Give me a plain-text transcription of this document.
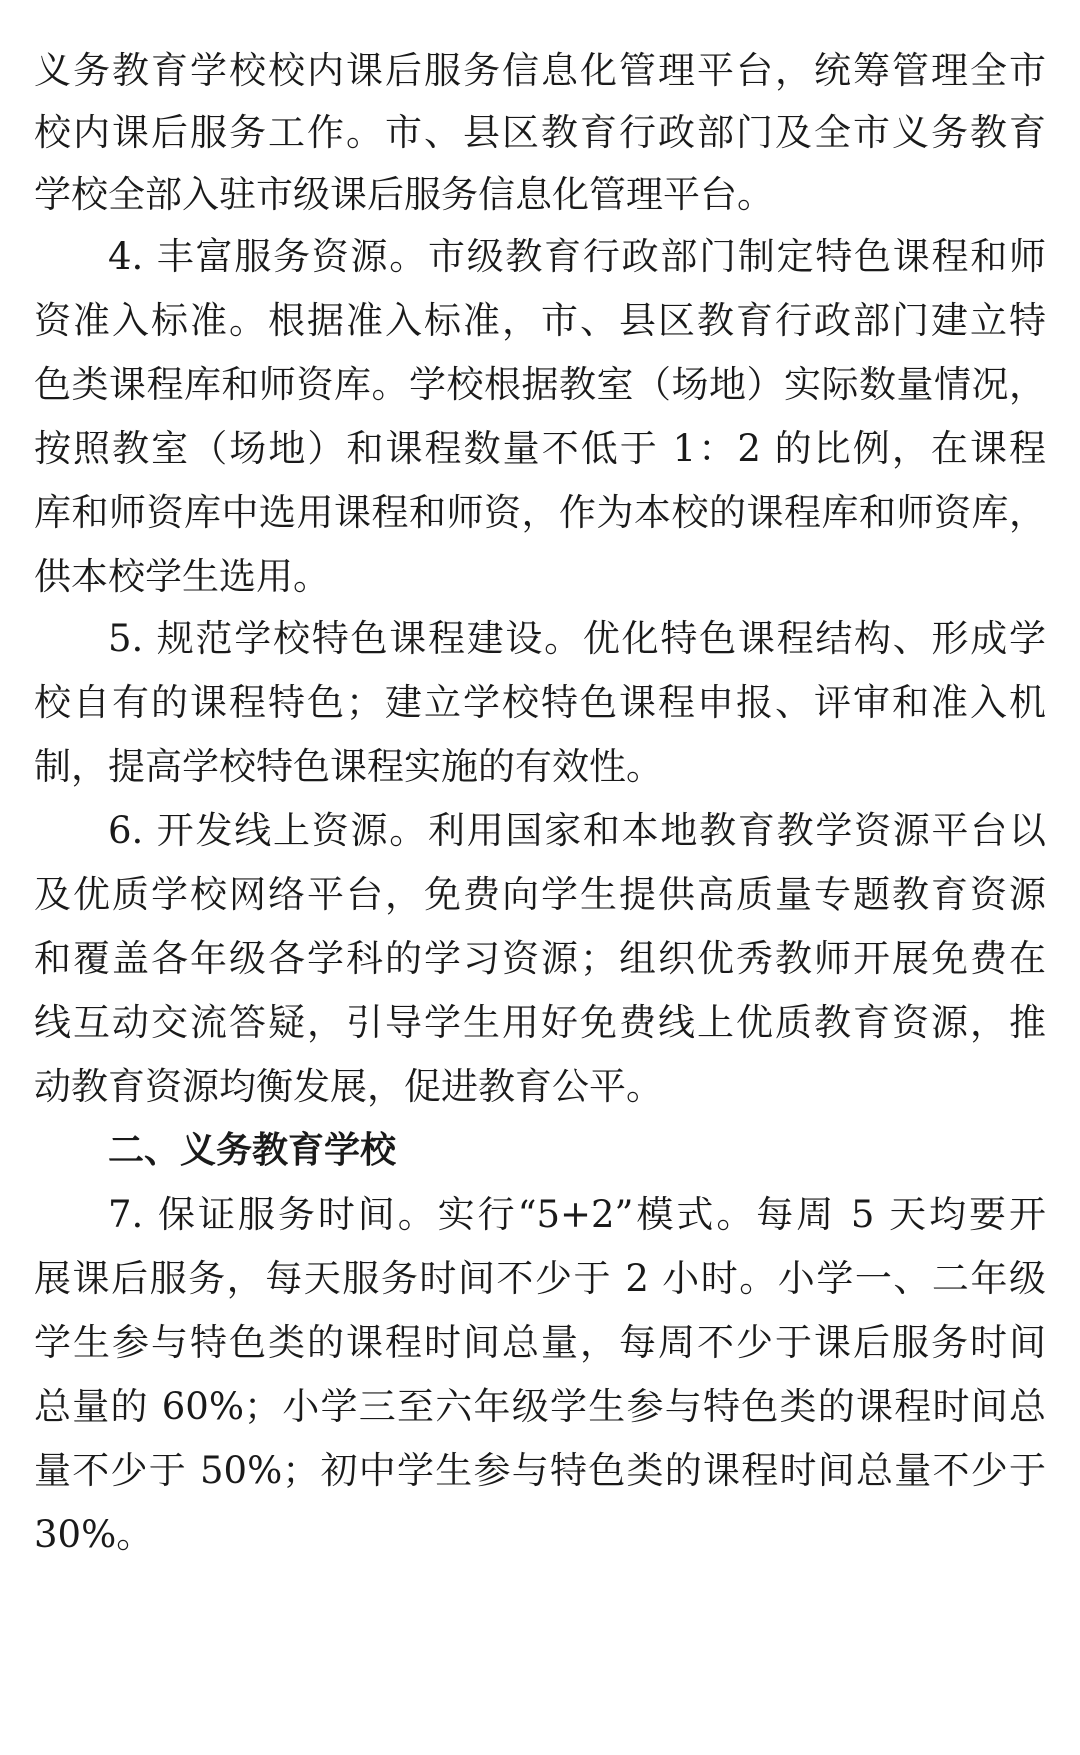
义务教育学校校内课后服务信息化管理平台，统筹管理全市
校内课后服务工作。市、县区教育行政部门及全市义务教育
学校全部入驻市级课后服务信息化管理平台。
4. 丰富服务资源。市级教育行政部门制定特色课程和师
资准入标准。根据准入标准，市、县区教育行政部门建立特
色类课程库和师资库。学校根据教室（场地）实际数量情况，
按照教室（场地）和课程数量不低于 1：2 的比例，在课程
库和师资库中选用课程和师资，作为本校的课程库和师资库，
供本校学生选用。
5. 规范学校特色课程建设。优化特色课程结构、形成学
校自有的课程特色；建立学校特色课程申报、评审和准入机
制，提高学校特色课程实施的有效性。
6. 开发线上资源。利用国家和本地教育教学资源平台以
及优质学校网络平台，免费向学生提供高质量专题教育资源
和覆盖各年级各学科的学习资源；组织优秀教师开展免费在
线互动交流答疑，引导学生用好免费线上优质教育资源，推
动教育资源均衡发展，促进教育公平。
二、义务教育学校
7. 保证服务时间。实行“5+2”模式。每周 5 天均要开
展课后服务，每天服务时间不少于 2 小时。小学一、二年级
学生参与特色类的课程时间总量，每周不少于课后服务时间
总量的 60%；小学三至六年级学生参与特色类的课程时间总
量不少于 50%；初中学生参与特色类的课程时间总量不少于
30%。
